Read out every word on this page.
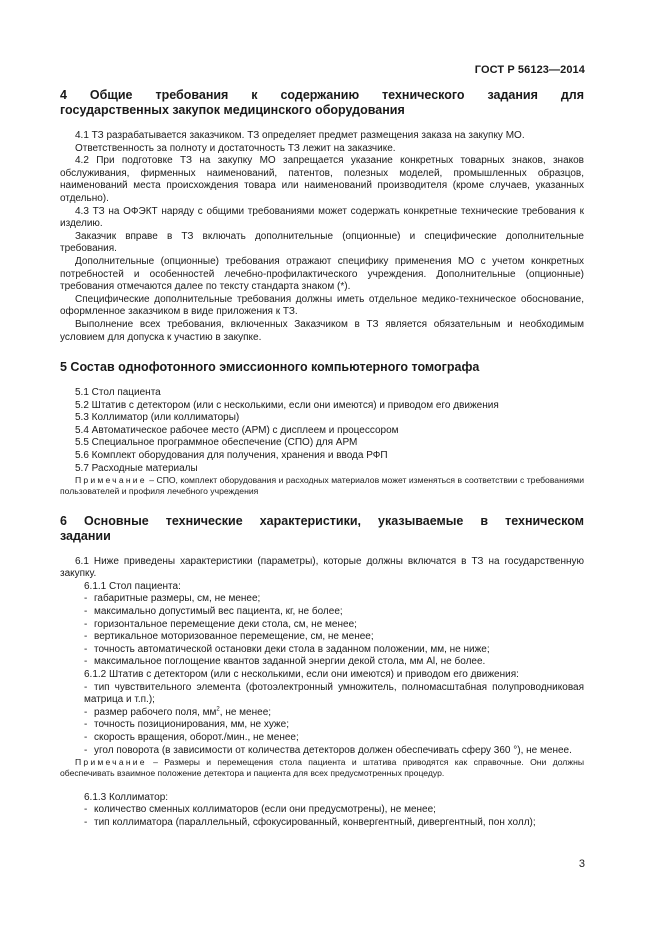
ГОСТ Р 56123—2014
4 Общие требования к содержанию технического задания для
государственных закупок медицинского оборудования

4.1 ТЗ разрабатывается заказчиком. ТЗ определяет предмет размещения заказа на закупку МО.

Ответственность за полноту и достаточность ТЗ лежит на заказчике.

4.2 При подготовке ТЗ на закупку МО запрещается указание конкретных товарных знаков, знаков обслуживания, фирменных наименований, патентов, полезных моделей, промышленных образцов, наименований места происхождения товара или наименований производителя (кроме случаев, указанных отдельно).

4.3 ТЗ на ОФЭКТ наряду с общими требованиями может содержать конкретные технические требования к изделию.

Заказчик вправе в ТЗ включать дополнительные (опционные) и специфические дополнительные требования.

Дополнительные (опционные) требования отражают специфику применения МО с учетом конкретных потребностей и особенностей лечебно-профилактического учреждения. Дополнительные (опционные) требования отмечаются далее по тексту стандарта знаком (*).

Специфические дополнительные требования должны иметь отдельное медико-техническое обоснование, оформленное заказчиком в виде приложения к ТЗ.

Выполнение всех требования, включенных Заказчиком в ТЗ является обязательным и необходимым условием для допуска к участию в закупке.

5 Состав однофотонного эмиссионного компьютерного томографа

5.1 Стол пациента

5.2 Штатив с детектором (или с несколькими, если они имеются) и приводом его движения

5.3 Коллиматор (или коллиматоры)

5.4 Автоматическое рабочее место (АРМ) с дисплеем и процессором

5.5 Специальное программное обеспечение (СПО) для АРМ

5.6 Комплект оборудования для получения, хранения и ввода РФП

5.7 Расходные материалы

Примечание – СПО, комплект оборудования и расходных материалов может изменяться в соответствии с требованиями пользователей и профиля лечебного учреждения

6 Основные технические характеристики, указываемые в техническом
задании

6.1 Ниже приведены характеристики (параметры), которые должны включатся в ТЗ на государственную закупку.

6.1.1 Стол пациента:

- габаритные размеры, см, не менее;

- максимально допустимый вес пациента, кг, не более;

- горизонтальное перемещение деки стола, см, не менее;

- вертикальное моторизованное перемещение, см, не менее;

- точность автоматической остановки деки стола в заданном положении, мм, не ниже;

- максимальное поглощение квантов заданной энергии декой стола, мм Al, не более.

6.1.2 Штатив с детектором (или с несколькими, если они имеются) и приводом его движения:

- тип чувствительного элемента (фотоэлектронный умножитель, полномасштабная полупроводниковая матрица и т.п.);

- размер рабочего поля, $мм^2$, не менее;

- точность позиционирования, мм, не хуже;

- скорость вращения, оборот./мин., не менее;

- угол поворота (в зависимости от количества детекторов должен обеспечивать сферу 360 °), не менее.

Примечание – Размеры и перемещения стола пациента и штатива приводятся как справочные. Они должны обеспечивать взаимное положение детектора и пациента для всех предусмотренных процедур.

6.1.3 Коллиматор:

- количество сменных коллиматоров (если они предусмотрены), не менее;

- тип коллиматора (параллельный, сфокусированный, конвергентный, дивергентный, пон холл);

3
